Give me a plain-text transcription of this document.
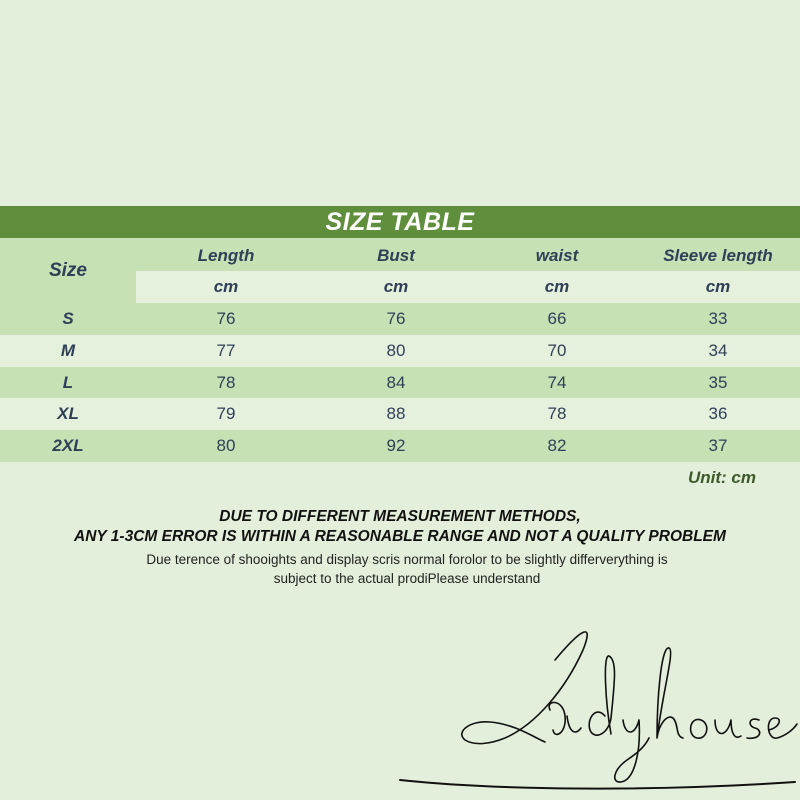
SIZE TABLE
Size
Length	Bust	waist	Sleeve length
cm	cm	cm	cm
S	76	76	66	33
M	77	80	70	34
L	78	84	74	35
XL	79	88	78	36
2XL	80	92	82	37
Unit: cm
DUE TO DIFFERENT MEASUREMENT METHODS,
ANY 1-3CM ERROR IS WITHIN A REASONABLE RANGE AND NOT A QUALITY PROBLEM
Due terence of shooights and display scris normal forolor to be slightly differverything is
subject to the actual prodiPlease understand
Ladyhouse
